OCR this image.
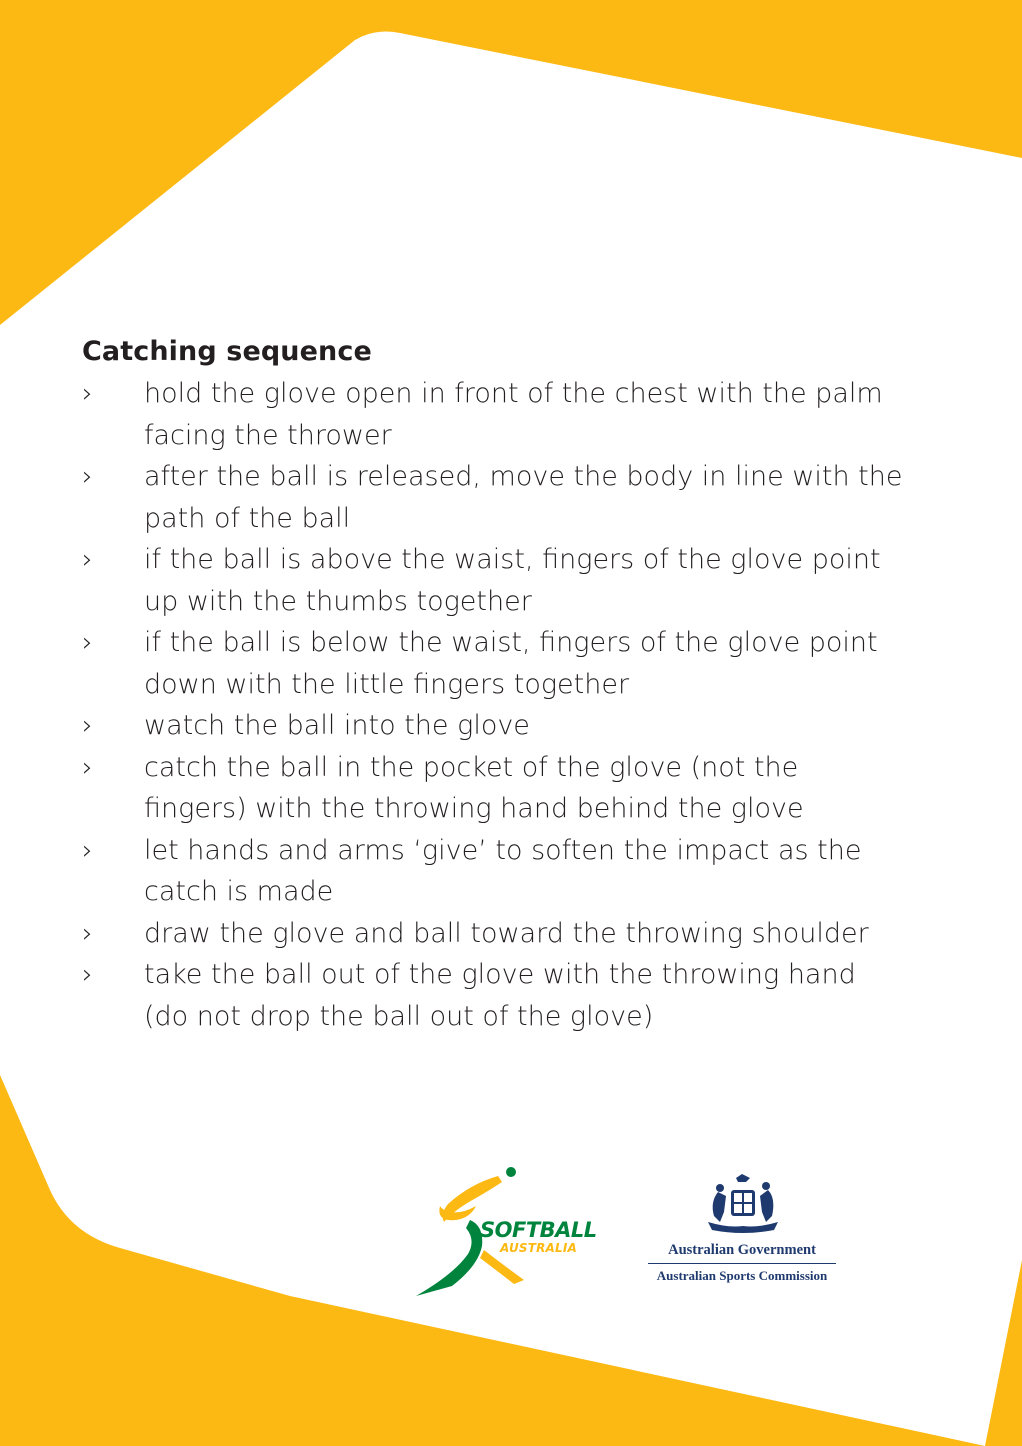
Catching sequence
›	hold the glove open in front of the chest with the palm
facing the thrower
›	after the ball is released, move the body in line with the
path of the ball
›	if the ball is above the waist, fingers of the glove point
up with the thumbs together
›	if the ball is below the waist, fingers of the glove point
down with the little fingers together
›	watch the ball into the glove
›	catch the ball in the pocket of the glove (not the
fingers) with the throwing hand behind the glove
›	let hands and arms ‘give’ to soften the impact as the
catch is made
›	draw the glove and ball toward the throwing shoulder
›	take the ball out of the glove with the throwing hand
(do not drop the ball out of the glove)
SOFTBALL
AUSTRALIA	Australian Government
Australian Sports Commission
